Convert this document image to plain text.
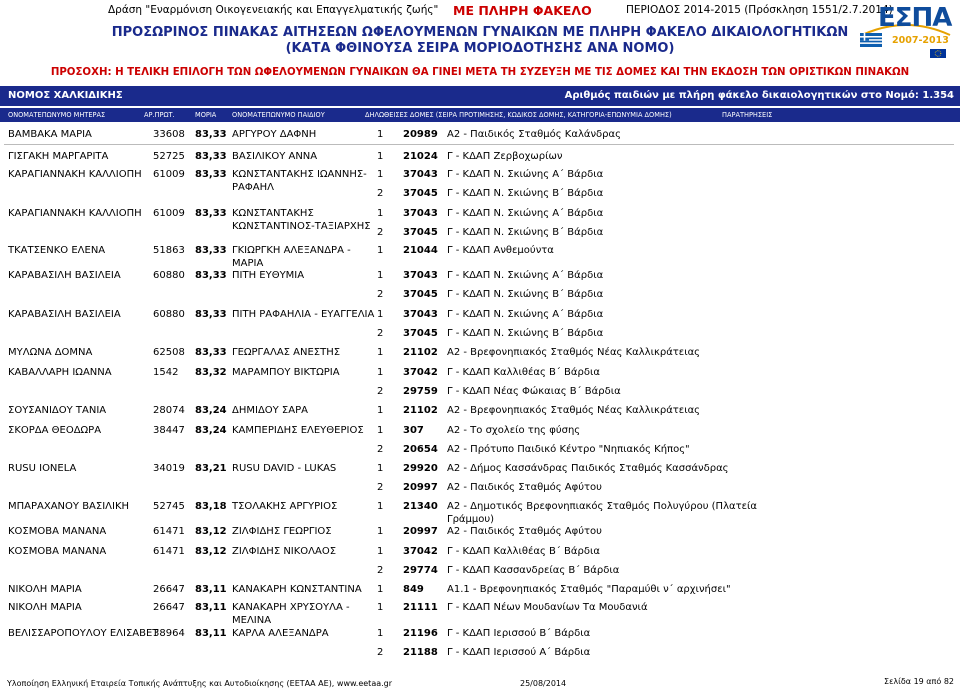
Δράση "Εναρμόνιση Οικογενειακής και Επαγγελματικής ζωής" ΜΕ ΠΛΗΡΗ ΦΑΚΕΛΟ	ΠΕΡΙΟΔΟΣ 2014-2015 (Πρόσκληση 1551/2.7.2014)
ΠΡΟΣΩΡΙΝΟΣ ΠΙΝΑΚΑΣ ΑΙΤΗΣΕΩΝ ΩΦΕΛΟΥΜΕΝΩΝ ΓΥΝΑΙΚΩΝ ΜΕ ΠΛΗΡΗ ΦΑΚΕΛΟ ΔΙΚΑΙΟΛΟΓΗΤΙΚΩΝ
(ΚΑΤΑ ΦΘΙΝΟΥΣΑ ΣΕΙΡΑ ΜΟΡΙΟΔΟΤΗΣΗΣ ΑΝΑ ΝΟΜΟ)
ΕΣΠΑ
2007-2013
ΠΡΟΣΟΧΗ: Η ΤΕΛΙΚΗ ΕΠΙΛΟΓΗ ΤΩΝ ΩΦΕΛΟΥΜΕΝΩΝ ΓΥΝΑΙΚΩΝ ΘΑ ΓΙΝΕΙ ΜΕΤΑ ΤΗ ΣΥΖΕΥΞΗ ΜΕ ΤΙΣ ΔΟΜΕΣ ΚΑΙ ΤΗΝ ΕΚΔΟΣΗ ΤΩΝ ΟΡΙΣΤΙΚΩΝ ΠΙΝΑΚΩΝ
ΝΟΜΟΣ ΧΑΛΚΙΔΙΚΗΣ	Αριθμός παιδιών με πλήρη φάκελο δικαιολογητικών στο Νομό: 1.354
ΟΝΟΜΑΤΕΠΩΝΥΜΟ ΜΗΤΕΡΑΣ	ΑΡ.ΠΡΩΤ.	ΜΟΡΙΑ ΟΝΟΜΑΤΕΠΩΝΥΜΟ ΠΑΙΔΙΟΥ	ΔΗΛΩΘΕΙΣΕΣ ΔΟΜΕΣ (ΣΕΙΡΑ ΠΡΟΤΙΜΗΣΗΣ, ΚΩΔΙΚΟΣ ΔΟΜΗΣ, ΚΑΤΗΓΟΡΙΑ-ΕΠΩΝΥΜΙΑ ΔΟΜΗΣ)	ΠΑΡΑΤΗΡΗΣΕΙΣ
ΒΑΜΒΑΚΑ ΜΑΡΙΑ	33608 83,33 ΑΡΓΥΡΟΥ ΔΑΦΝΗ	1 20989 Α2 - Παιδικός Σταθμός Καλάνδρας
ΓΙΣΓΑΚΗ ΜΑΡΓΑΡΙΤΑ	52725 83,33 ΒΑΣΙΛΙΚΟΥ ΑΝΝΑ	1 21024 Γ - ΚΔΑΠ Ζερβοχωρίων
ΚΑΡΑΓΙΑΝΝΑΚΗ ΚΑΛΛΙΟΠΗ 61009 83,33 ΚΩΝΣΤΑΝΤΑΚΗΣ ΙΩΑΝΝΗΣ-
ΡΑΦΑΗΛ
1 37043 Γ - ΚΔΑΠ Ν. Σκιώνης Α΄ Βάρδια
2 37045 Γ - ΚΔΑΠ Ν. Σκιώνης Β΄ Βάρδια
ΚΑΡΑΓΙΑΝΝΑΚΗ ΚΑΛΛΙΟΠΗ 61009 83,33 ΚΩΝΣΤΑΝΤΑΚΗΣ
ΚΩΝΣΤΑΝΤΙΝΟΣ-ΤΑΞΙΑΡΧΗΣ
1 37043 Γ - ΚΔΑΠ Ν. Σκιώνης Α΄ Βάρδια
2 37045 Γ - ΚΔΑΠ Ν. Σκιώνης Β΄ Βάρδια
ΤΚΑΤΣΕΝΚΟ ΕΛΕΝΑ	51863 83,33 ΓΚΙΩΡΓΚΗ ΑΛΕΞΑΝΔΡΑ -
ΜΑΡΙΑ
1 21044 Γ - ΚΔΑΠ Ανθεμούντα
ΚΑΡΑΒΑΣΙΛΗ ΒΑΣΙΛΕΙΑ	60880 83,33 ΠΙΤΗ ΕΥΘΥΜΙΑ	1 37043 Γ - ΚΔΑΠ Ν. Σκιώνης Α΄ Βάρδια
2 37045 Γ - ΚΔΑΠ Ν. Σκιώνης Β΄ Βάρδια
ΚΑΡΑΒΑΣΙΛΗ ΒΑΣΙΛΕΙΑ	60880 83,33 ΠΙΤΗ ΡΑΦΑΗΛΙΑ - ΕΥΑΓΓΕΛΙΑ 1 37043 Γ - ΚΔΑΠ Ν. Σκιώνης Α΄ Βάρδια
2 37045 Γ - ΚΔΑΠ Ν. Σκιώνης Β΄ Βάρδια
ΜΥΛΩΝΑ ΔΟΜΝΑ	62508 83,33 ΓΕΩΡΓΑΛΑΣ ΑΝΕΣΤΗΣ	1 21102 Α2 - Βρεφονηπιακός Σταθμός Νέας Καλλικράτειας
ΚΑΒΑΛΛΑΡΗ ΙΩΑΝΝΑ	1542 83,32 ΜΑΡΑΜΠΟΥ ΒΙΚΤΩΡΙΑ	1 37042 Γ - ΚΔΑΠ Καλλιθέας Β΄ Βάρδια
2 29759 Γ - ΚΔΑΠ Νέας Φώκαιας Β΄ Βάρδια
ΣΟΥΣΑΝΙΔΟΥ ΤΑΝΙΑ	28074 83,24 ΔΗΜΙΔΟΥ ΣΑΡΑ	1 21102 Α2 - Βρεφονηπιακός Σταθμός Νέας Καλλικράτειας
ΣΚΟΡΔΑ ΘΕΟΔΩΡΑ	38447 83,24 ΚΑΜΠΕΡΙΔΗΣ ΕΛΕΥΘΕΡΙΟΣ 1 307 Α2 - Το σχολείο της φύσης
2 20654 Α2 - Πρότυπο Παιδικό Κέντρο "Νηπιακός Κήπος"
RUSU IONELA	34019 83,21 RUSU DAVID - LUKAS	1 29920 Α2 - Δήμος Κασσάνδρας Παιδικός Σταθμός Κασσάνδρας
2 20997 Α2 - Παιδικός Σταθμός Αφύτου
ΜΠΑΡΑΧΑΝΟΥ ΒΑΣΙΛΙΚΗ 52745 83,18 ΤΣΟΛΑΚΗΣ ΑΡΓΥΡΙΟΣ	1 21340 Α2 - Δημοτικός Βρεφονηπιακός Σταθμός Πολυγύρου (Πλατεία
Γράμμου)
ΚΟΣΜΟΒΑ ΜΑΝΑΝΑ	61471 83,12 ΖΙΛΦΙΔΗΣ ΓΕΩΡΓΙΟΣ	1 20997 Α2 - Παιδικός Σταθμός Αφύτου
ΚΟΣΜΟΒΑ ΜΑΝΑΝΑ	61471 83,12 ΖΙΛΦΙΔΗΣ ΝΙΚΟΛΑΟΣ	1 37042 Γ - ΚΔΑΠ Καλλιθέας Β΄ Βάρδια
2 29774 Γ - ΚΔΑΠ Κασσανδρείας Β΄ Βάρδια
ΝΙΚΟΛΗ ΜΑΡΙΑ	26647 83,11 ΚΑΝΑΚΑΡΗ ΚΩΝΣΤΑΝΤΙΝΑ 1 849 Α1.1 - Βρεφονηπιακός Σταθμός "Παραμύθι ν΄ αρχινήσει"
ΝΙΚΟΛΗ ΜΑΡΙΑ	26647 83,11 ΚΑΝΑΚΑΡΗ ΧΡΥΣΟΥΛΑ -
ΜΕΛΙΝΑ
1 21111 Γ - ΚΔΑΠ Νέων Μουδανίων Τα Μουδανιά
ΒΕΛΙΣΣΑΡΟΠΟΥΛΟΥ ΕΛΙΣΑΒΕΤ
38964 83,11 ΚΑΡΛΑ ΑΛΕΞΑΝΔΡΑ	1 21196 Γ - ΚΔΑΠ Ιερισσού Β΄ Βάρδια
2 21188 Γ - ΚΔΑΠ Ιερισσού Α΄ Βάρδια
Υλοποίηση Ελληνική Εταιρεία Τοπικής Ανάπτυξης και Αυτοδιοίκησης (ΕΕΤΑΑ ΑΕ), www.eetaa.gr	25/08/2014	Σελίδα 19 από 82
